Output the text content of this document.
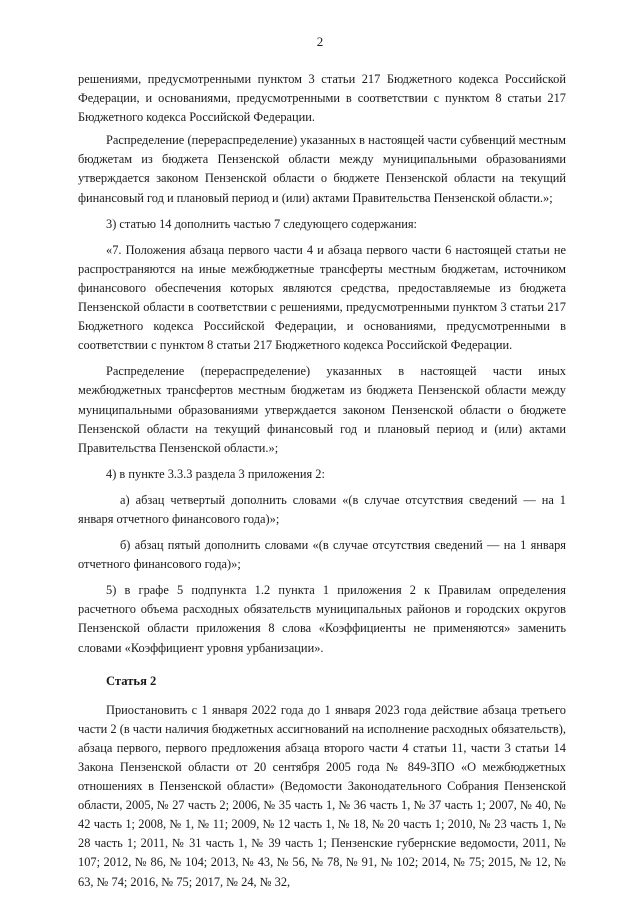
2

решениями, предусмотренными пунктом 3 статьи 217 Бюджетного кодекса Российской Федерации, и основаниями, предусмотренными в соответствии с пунктом 8 статьи 217 Бюджетного кодекса Российской Федерации.

Распределение (перераспределение) указанных в настоящей части субвенций местным бюджетам из бюджета Пензенской области между муниципальными образованиями утверждается законом Пензенской области о бюджете Пензенской области на текущий финансовый год и плановый период и (или) актами Правительства Пензенской области.»;

3) статью 14 дополнить частью 7 следующего содержания:

«7. Положения абзаца первого части 4 и абзаца первого части 6 настоящей статьи не распространяются на иные межбюджетные трансферты местным бюджетам, источником финансового обеспечения которых являются средства, предоставляемые из бюджета Пензенской области в соответствии с решениями, предусмотренными пунктом 3 статьи 217 Бюджетного кодекса Российской Федерации, и основаниями, предусмотренными в соответствии с пунктом 8 статьи 217 Бюджетного кодекса Российской Федерации.

Распределение (перераспределение) указанных в настоящей части иных межбюджетных трансфертов местным бюджетам из бюджета Пензенской области между муниципальными образованиями утверждается законом Пензенской области о бюджете Пензенской области на текущий финансовый год и плановый период и (или) актами Правительства Пензенской области.»;

4) в пункте 3.3.3 раздела 3 приложения 2:

а) абзац четвертый дополнить словами «(в случае отсутствия сведений — на 1 января отчетного финансового года)»;

б) абзац пятый дополнить словами «(в случае отсутствия сведений — на 1 января отчетного финансового года)»;

5) в графе 5 подпункта 1.2 пункта 1 приложения 2 к Правилам определения расчетного объема расходных обязательств муниципальных районов и городских округов Пензенской области приложения 8 слова «Коэффициенты не применяются» заменить словами «Коэффициент уровня урбанизации».

Статья 2

Приостановить с 1 января 2022 года до 1 января 2023 года действие абзаца третьего части 2 (в части наличия бюджетных ассигнований на исполнение расходных обязательств), абзаца первого, первого предложения абзаца второго части 4 статьи 11, части 3 статьи 14 Закона Пензенской области от 20 сентября 2005 года № 849-ЗПО «О межбюджетных отношениях в Пензенской области» (Ведомости Законодательного Собрания Пензенской области, 2005, № 27 часть 2; 2006, № 35 часть 1, № 36 часть 1, № 37 часть 1; 2007, № 40, № 42 часть 1; 2008, № 1, № 11; 2009, № 12 часть 1, № 18, № 20 часть 1; 2010, № 23 часть 1, № 28 часть 1; 2011, № 31 часть 1, № 39 часть 1; Пензенские губернские ведомости, 2011, № 107; 2012, № 86, № 104; 2013, № 43, № 56, № 78, № 91, № 102; 2014, № 75; 2015, № 12, № 63, № 74; 2016, № 75; 2017, № 24, № 32,
